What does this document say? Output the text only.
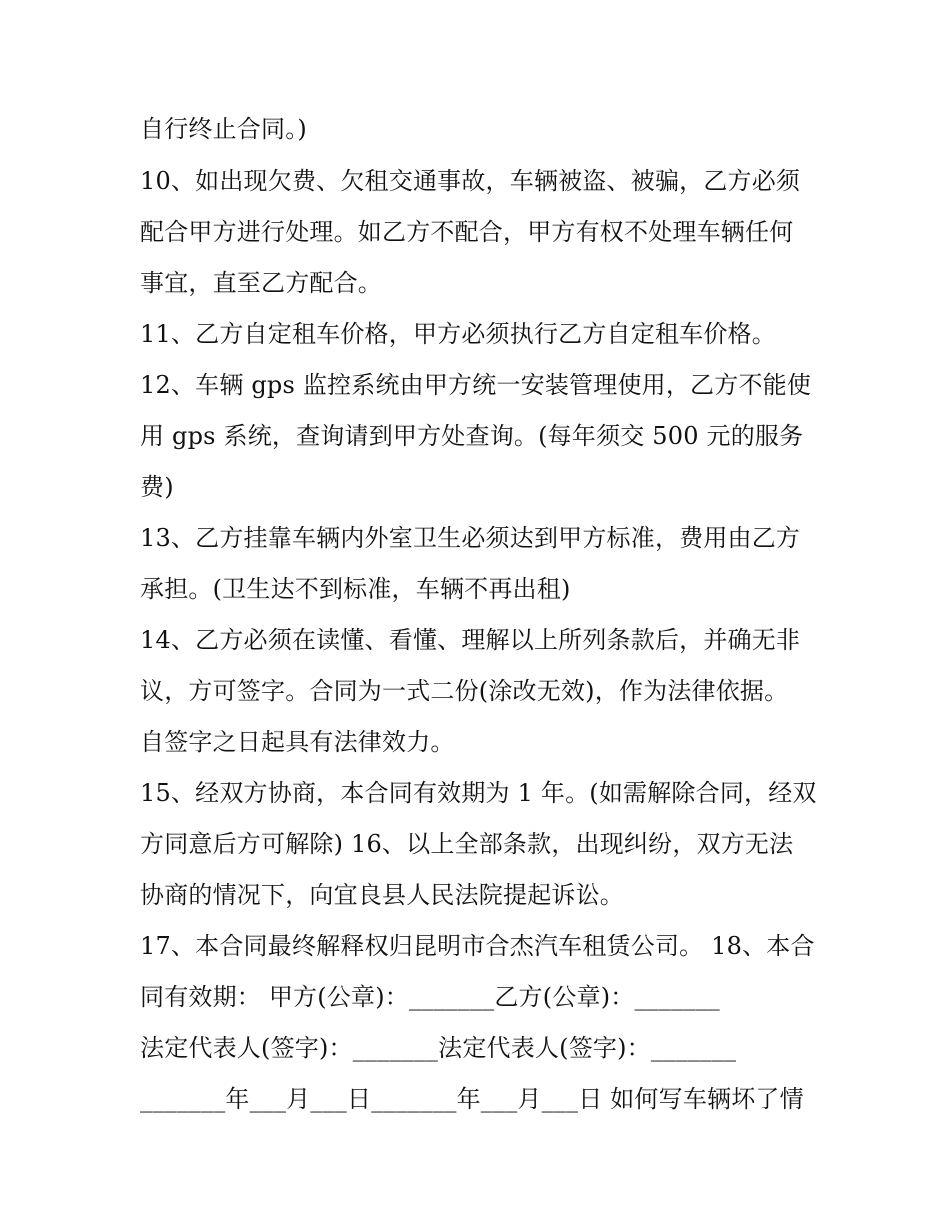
自行终止合同。)
10、如出现欠费、欠租交通事故，车辆被盗、被骗，乙方必须
配合甲方进行处理。如乙方不配合，甲方有权不处理车辆任何
事宜，直至乙方配合。
11、乙方自定租车价格，甲方必须执行乙方自定租车价格。
12、车辆 gps 监控系统由甲方统一安装管理使用，乙方不能使
用 gps 系统，查询请到甲方处查询。(每年须交 500 元的服务
费)
13、乙方挂靠车辆内外室卫生必须达到甲方标准，费用由乙方
承担。(卫生达不到标准，车辆不再出租)
14、乙方必须在读懂、看懂、理解以上所列条款后，并确无非
议，方可签字。合同为一式二份(涂改无效)，作为法律依据。
自签字之日起具有法律效力。
15、经双方协商，本合同有效期为 1 年。(如需解除合同，经双
方同意后方可解除) 16、以上全部条款，出现纠纷，双方无法
协商的情况下，向宜良县人民法院提起诉讼。
17、本合同最终解释权归昆明市合杰汽车租赁公司。 18、本合
同有效期： 甲方(公章)：_______乙方(公章)：_______
法定代表人(签字)：_______法定代表人(签字)：_______
_______年___月___日_______年___月___日 如何写车辆坏了情
